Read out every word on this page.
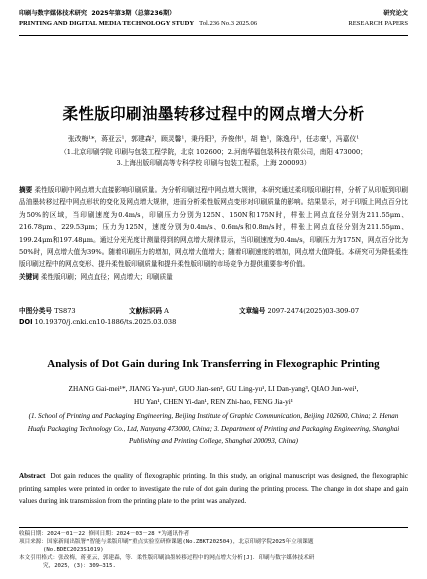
印刷与数字媒体技术研究 2025年第3期（总第236期）	研究论文
PRINTING AND DIGITAL MEDIA TECHNOLOGY STUDY Tol.236 No.3 2025.06	RESEARCH PAPERS
柔性版印刷油墨转移过程中的网点增大分析
张改梅¹*，蒋亚云¹，郭建森²，顾灵馨¹，秉丹阳³，乔俊伟¹，胡 艳¹，陈逸丹¹，任志豪¹，冯嘉仪¹
（1.北京印刷学院 印刷与包装工程学院，北京 102600；2.河南华福包装科技有限公司，南阳 473000；
3.上海出版印刷高等专科学校 印刷与包装工程系，上海 200093）
摘要 柔性版印刷中网点增大直接影响印刷质量。为分析印刷过程中网点增大规律，本研究通过柔印版印刷打样，分析了从印版到印刷品油墨转移过程中网点形状的变化及网点增大规律，进而分析柔性版网点变形对印刷质量的影响。结果显示，对于印版上网点百分比为50%的区域，当印刷速度为0.4m/s，印刷压力分别为125N、150N和175N时，样张上网点直径分别为211.55μm、216.78μm、229.53μm；压力为125N，速度分别为0.4m/s、0.6m/s和0.8m/s时，样张上网点直径分别为211.55μm、199.24μm和197.48μm。通过分光光度计测量得到的网点增大规律显示，当印刷速度为0.4m/s，印刷压力为175N，网点百分比为50%时，网点增大值为39%。随着印刷压力的增加，网点增大值增大；随着印刷速度的增加，网点增大值降低。本研究可为降低柔性版印刷过程中的网点变形、提升柔性版印刷质量和提升柔性版印刷的市场竞争力提供重要参考价值。
关键词 柔性版印刷；网点直径；网点增大；印刷质量
中图分类号 TS873	文献标识码 A	文章编号 2097-2474(2025)03-309-07
DOI 10.19370/j.cnki.cn10-1886/ts.2025.03.038
Analysis of Dot Gain during Ink Transferring in Flexographic Printing
ZHANG Gai-mei¹*, JIANG Ya-yun¹, GUO Jian-sen², GU Ling-yu¹, LI Dan-yang³, QIAO Jun-wei¹,
HU Yan¹, CHEN Yi-dan¹, REN Zhi-hao, FENG Jia-yi¹
(1. School of Printing and Packaging Engineering, Beijing Institute of Graphic Communication, Beijing 102600, China; 2. Henan Huafu Packaging Technology Co., Ltd, Nanyang 473000, China; 3. Department of Printing and Packaging Engineering, Shanghai Publishing and Printing College, Shanghai 200093, China)
Abstract Dot gain reduces the quality of flexographic printing. In this study, an original manuscript was designed, the flexographic printing samples were printed in order to investigate the rule of dot gain during the printing process. The change in dot shape and gain values during ink transmission from the printing plate to the print was analyzed.
收稿日期：2024－01－22 修回日期：2024－03－28 *为通讯作者
项目来源：国家新闻出版署“智能与柔版印刷”重点实验室研修课题(No.ZBKT202504)，北京印刷学院2025年立项课题
(No.BDEC2023S1019)
本文引用格式：张改梅，蒋亚云，郭建森，等．柔性版印刷油墨转移过程中的网点增大分析[J]．印刷与数字媒体技术研
究，2025，(3)：309—315.
